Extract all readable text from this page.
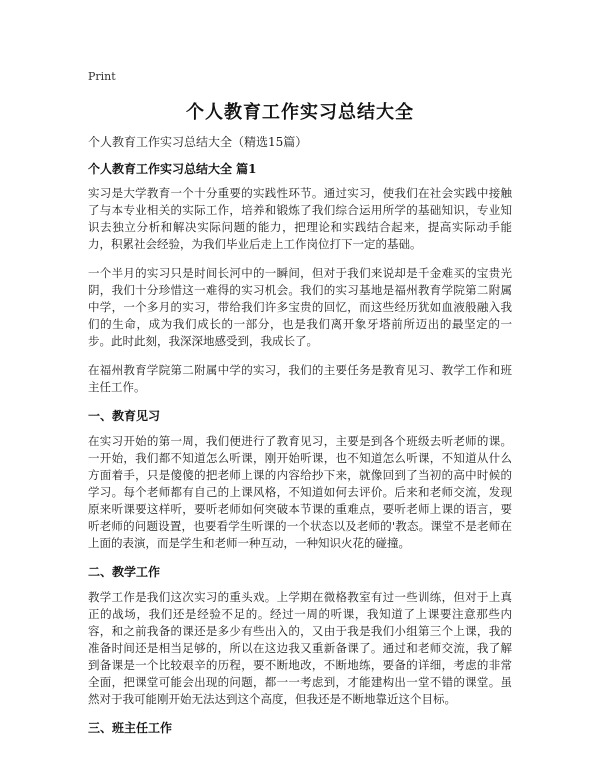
Print
个人教育工作实习总结大全
个人教育工作实习总结大全（精选15篇）
个人教育工作实习总结大全 篇1
实习是大学教育一个十分重要的实践性环节。通过实习，使我们在社会实践中接触了与本专业相关的实际工作，培养和锻炼了我们综合运用所学的基础知识，专业知识去独立分析和解决实际问题的能力，把理论和实践结合起来，提高实际动手能力，积累社会经验，为我们毕业后走上工作岗位打下一定的基础。
一个半月的实习只是时间长河中的一瞬间，但对于我们来说却是千金难买的宝贵光阴，我们十分珍惜这一难得的实习机会。我们的实习基地是福州教育学院第二附属中学，一个多月的实习，带给我们许多宝贵的回忆，而这些经历犹如血液般融入我们的生命，成为我们成长的一部分，也是我们离开象牙塔前所迈出的最坚定的一步。此时此刻，我深深地感受到，我成长了。
在福州教育学院第二附属中学的实习，我们的主要任务是教育见习、教学工作和班主任工作。
一、教育见习
在实习开始的第一周，我们便进行了教育见习，主要是到各个班级去听老师的课。一开始，我们都不知道怎么听课，刚开始听课，也不知道怎么听课，不知道从什么方面着手，只是傻傻的把老师上课的内容给抄下来，就像回到了当初的高中时候的学习。每个老师都有自己的上课风格，不知道如何去评价。后来和老师交流，发现原来听课要这样听，要听老师如何突破本节课的重难点，要听老师上课的语言，要听老师的问题设置，也要看学生听课的一个状态以及老师的'教态。课堂不是老师在上面的表演，而是学生和老师一种互动，一种知识火花的碰撞。
二、教学工作
教学工作是我们这次实习的重头戏。上学期在微格教室有过一些训练，但对于上真正的战场，我们还是经验不足的。经过一周的听课，我知道了上课要注意那些内容，和之前我备的课还是多少有些出入的，又由于我是我们小组第三个上课，我的准备时间还是相当足够的，所以在这边我又重新备课了。通过和老师交流，我了解到备课是一个比较艰辛的历程，要不断地改，不断地练，要备的详细，考虑的非常全面，把课堂可能会出现的问题，都一一考虑到，才能建构出一堂不错的课堂。虽然对于我可能刚开始无法达到这个高度，但我还是不断地靠近这个目标。
三、班主任工作
